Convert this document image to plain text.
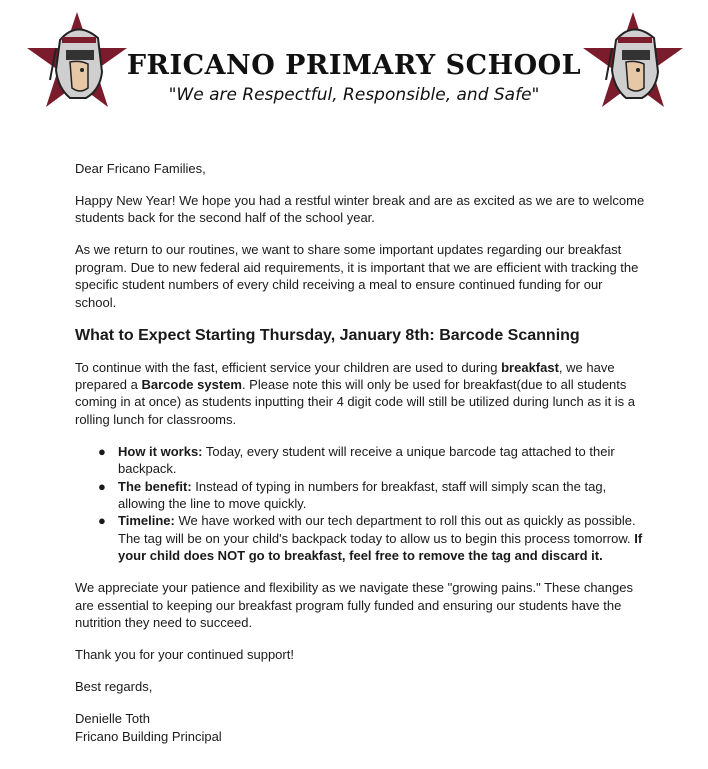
FRICANO PRIMARY SCHOOL
"We are Respectful, Responsible, and Safe"

Dear Fricano Families,

Happy New Year! We hope you had a restful winter break and are as excited as we are to welcome students back for the second half of the school year.

As we return to our routines, we want to share some important updates regarding our breakfast program. Due to new federal aid requirements, it is important that we are efficient with tracking the specific student numbers of every child receiving a meal to ensure continued funding for our school.

What to Expect Starting Thursday, January 8th: Barcode Scanning

To continue with the fast, efficient service your children are used to during breakfast, we have prepared a Barcode system. Please note this will only be used for breakfast(due to all students coming in at once) as students inputting their 4 digit code will still be utilized during lunch as it is a rolling lunch for classrooms.

● How it works: Today, every student will receive a unique barcode tag attached to their backpack.
● The benefit: Instead of typing in numbers for breakfast, staff will simply scan the tag, allowing the line to move quickly.
● Timeline: We have worked with our tech department to roll this out as quickly as possible. The tag will be on your child's backpack today to allow us to begin this process tomorrow. If your child does NOT go to breakfast, feel free to remove the tag and discard it.

We appreciate your patience and flexibility as we navigate these "growing pains." These changes are essential to keeping our breakfast program fully funded and ensuring our students have the nutrition they need to succeed.

Thank you for your continued support!

Best regards,

Denielle Toth

Fricano Building Principal
